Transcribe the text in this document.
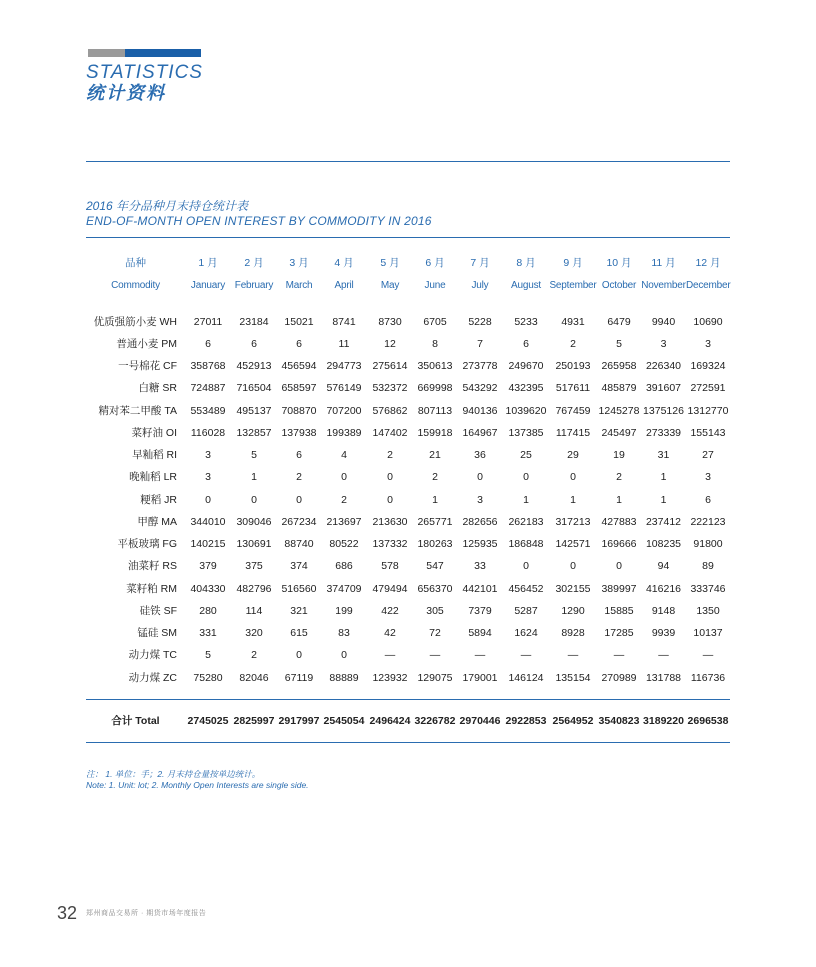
STATISTICS
统计资料
2016 年分品种月末持仓统计表
END-OF-MONTH OPEN INTEREST BY COMMODITY IN 2016
品种	1 月	2 月	3 月	4 月	5 月	6 月	7 月	8 月	9 月	10 月	11 月	12 月
Commodity	January	February	March	April	May	June	July	August	September	October	November	December

优质强筋小麦 WH	27011	23184	15021	8741	8730	6705	5228	5233	4931	6479	9940	10690
普通小麦 PM	6	6	6	11	12	8	7	6	2	5	3	3
一号棉花 CF	358768	452913	456594	294773	275614	350613	273778	249670	250193	265958	226340	169324
白糖 SR	724887	716504	658597	576149	532372	669998	543292	432395	517611	485879	391607	272591
精对苯二甲酸 TA	553489	495137	708870	707200	576862	807113	940136	1039620	767459	1245278	1375126	1312770
菜籽油 OI	116028	132857	137938	199389	147402	159918	164967	137385	117415	245497	273339	155143
早籼稻 RI	3	5	6	4	2	21	36	25	29	19	31	27
晚籼稻 LR	3	1	2	0	0	2	0	0	0	2	1	3
粳稻 JR	0	0	0	2	0	1	3	1	1	1	1	6
甲醇 MA	344010	309046	267234	213697	213630	265771	282656	262183	317213	427883	237412	222123
平板玻璃 FG	140215	130691	88740	80522	137332	180263	125935	186848	142571	169666	108235	91800
油菜籽 RS	379	375	374	686	578	547	33	0	0	0	94	89
菜籽粕 RM	404330	482796	516560	374709	479494	656370	442101	456452	302155	389997	416216	333746
硅铁 SF	280	114	321	199	422	305	7379	5287	1290	15885	9148	1350
锰硅 SM	331	320	615	83	42	72	5894	1624	8928	17285	9939	10137
动力煤 TC	5	2	0	0	—	—	—	—	—	—	—	—
动力煤 ZC	75280	82046	67119	88889	123932	129075	179001	146124	135154	270989	131788	116736

合计 Total	2745025	2825997	2917997	2545054	2496424	3226782	2970446	2922853	2564952	3540823	3189220	2696538

注： 1. 单位：手；2. 月末持仓量按单边统计。
Note: 1. Unit: lot; 2. Monthly Open Interests are single side.
32 郑州商品交易所 · 期货市场年度报告
